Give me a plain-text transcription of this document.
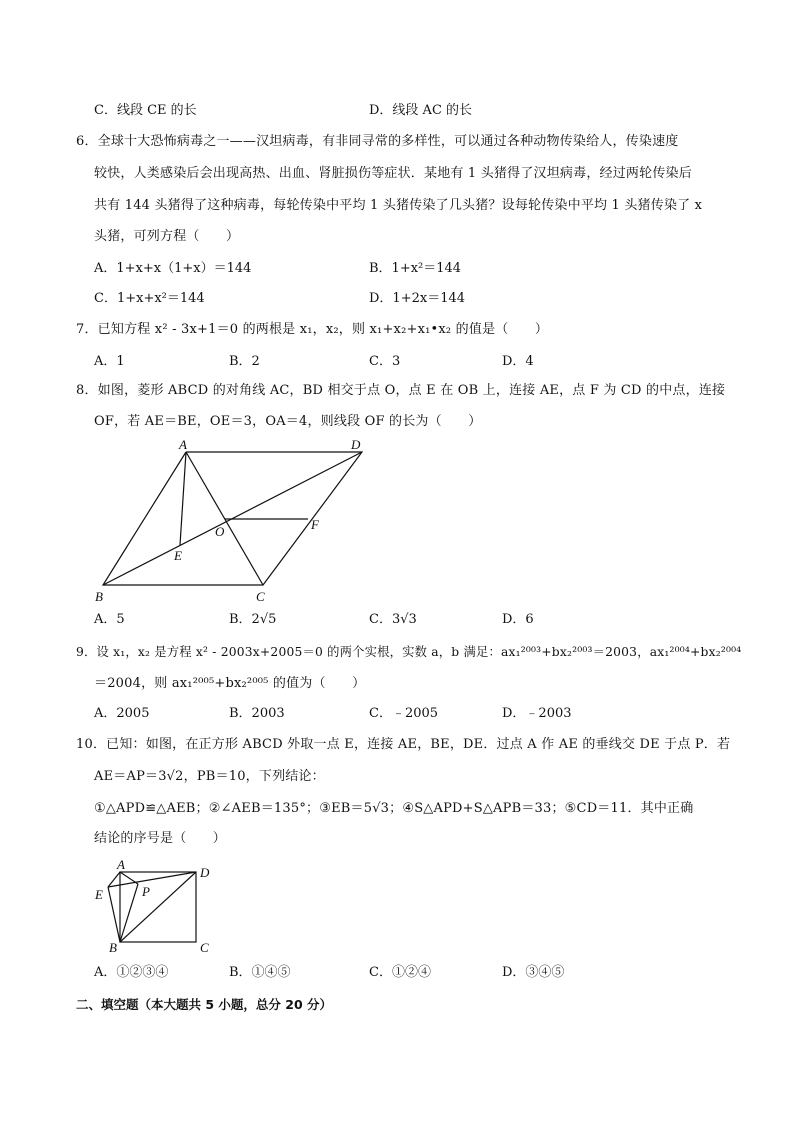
C．线段 CE 的长	D．线段 AC 的长
6．全球十大恐怖病毒之一——汉坦病毒，有非同寻常的多样性，可以通过各种动物传染给人，传染速度
较快，人类感染后会出现高热、出血、肾脏损伤等症状．某地有 1 头猪得了汉坦病毒，经过两轮传染后
共有 144 头猪得了这种病毒，每轮传染中平均 1 头猪传染了几头猪？设每轮传染中平均 1 头猪传染了 x
头猪，可列方程（　　）
A．1+x+x（1+x）＝144	B．1+x²＝144
C．1+x+x²＝144	D．1+2x＝144
7．已知方程 x² - 3x+1＝0 的两根是 x₁，x₂，则 x₁+x₂+x₁•x₂ 的值是（　　）
A．1	B．2	C．3	D．4
8．如图，菱形 ABCD 的对角线 AC，BD 相交于点 O，点 E 在 OB 上，连接 AE，点 F 为 CD 的中点，连接
OF，若 AE＝BE，OE＝3，OA＝4，则线段 OF 的长为（　　）
A	D
O	F
E
B	C
A．5	B．2√5	C．3√3	D．6
9．设 x₁，x₂ 是方程 x² - 2003x+2005＝0 的两个实根，实数 a，b 满足：ax₁²⁰⁰³+bx₂²⁰⁰³＝2003，ax₁²⁰⁰⁴+bx₂²⁰⁰⁴
＝2004，则 ax₁²⁰⁰⁵+bx₂²⁰⁰⁵ 的值为（　　）
A．2005	B．2003	C．﹣2005	D．﹣2003
10．已知：如图，在正方形 ABCD 外取一点 E，连接 AE，BE，DE．过点 A 作 AE 的垂线交 DE 于点 P．若
AE＝AP＝3√2，PB＝10，下列结论：
①△APD≌△AEB；②∠AEB＝135°；③EB＝5√3；④S△APD+S△APB＝33；⑤CD＝11．其中正确
结论的序号是（　　）
A
D
E	P
B	C
A．①②③④	B．①④⑤	C．①②④	D．③④⑤
二、填空题（本大题共 5 小题，总分 20 分）
